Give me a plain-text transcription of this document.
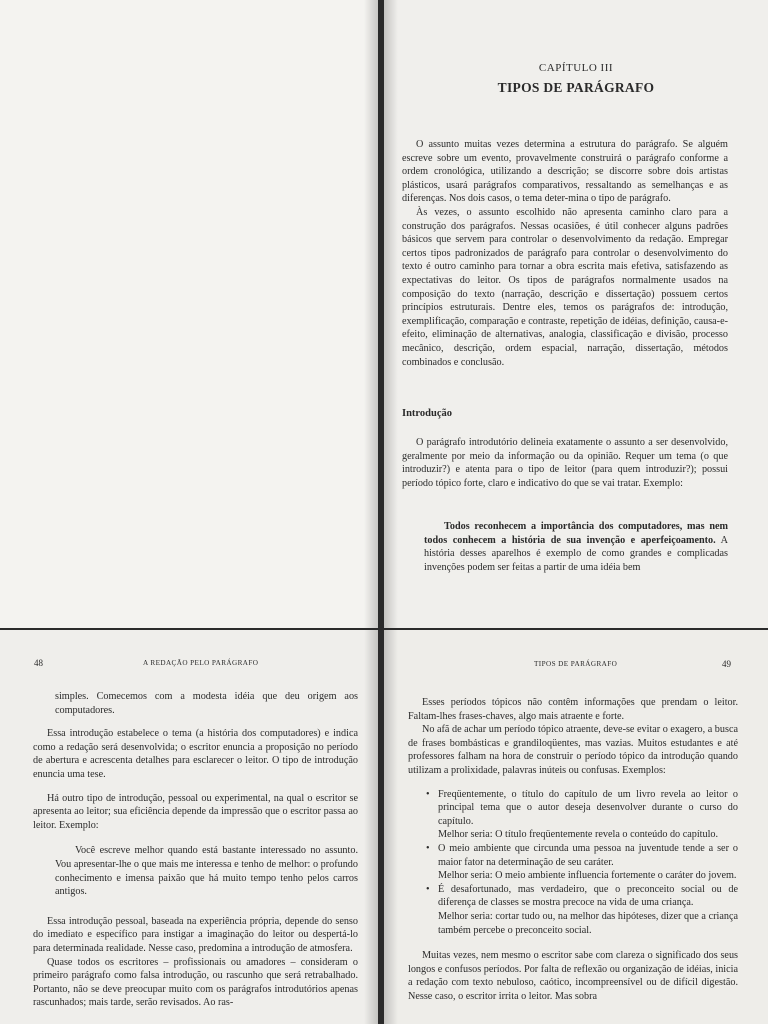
CAPÍTULO III
TIPOS DE PARÁGRAFO

O assunto muitas vezes determina a estrutura do parágrafo. Se alguém escreve sobre um evento, provavelmente construirá o parágrafo conforme a ordem cronológica, utilizando a descrição; se discorre sobre dois artistas plásticos, usará parágrafos comparativos, ressaltando as semelhanças e as diferenças. Nos dois casos, o tema deter-mina o tipo de parágrafo.

Às vezes, o assunto escolhido não apresenta caminho claro para a construção dos parágrafos. Nessas ocasiões, é útil conhecer alguns padrões básicos que servem para controlar o desenvolvimento da redação. Empregar certos tipos padronizados de parágrafo para controlar o desenvolvimento do texto é outro caminho para tornar a obra escrita mais efetiva, satisfazendo as expectativas do leitor. Os tipos de parágrafos normalmente usados na composição do texto (narração, descrição e dissertação) possuem certos princípios estruturais. Dentre eles, temos os parágrafos de: introdução, exemplificação, comparação e contraste, repetição de idéias, definição, causa-e-efeito, eliminação de alternativas, analogia, classificação e divisão, processo mecânico, descrição, ordem espacial, narração, dissertação, métodos combinados e conclusão.

Introdução

O parágrafo introdutório delineia exatamente o assunto a ser desenvolvido, geralmente por meio da informação ou da opinião. Requer um tema (o que introduzir?) e atenta para o tipo de leitor (para quem introduzir?); possui período tópico forte, claro e indicativo do que se vai tratar. Exemplo:

Todos reconhecem a importância dos computadores, mas nem todos conhecem a história de sua invenção e aperfeiçoamento. A história desses aparelhos é exemplo de como grandes e complicadas invenções podem ser feitas a partir de uma idéia bem

48	A REDAÇÃO PELO PARÁGRAFO

simples. Comecemos com a modesta idéia que deu origem aos computadores.

Essa introdução estabelece o tema (a história dos computadores) e indica como a redação será desenvolvida; o escritor enuncia a proposição no período de abertura e acrescenta detalhes para esclarecer o leitor. O tipo de introdução enuncia uma tese.

Há outro tipo de introdução, pessoal ou experimental, na qual o escritor se apresenta ao leitor; sua eficiência depende da impressão que o escritor passa ao leitor. Exemplo:

Você escreve melhor quando está bastante interessado no assunto. Vou apresentar-lhe o que mais me interessa e tenho de melhor: o profundo conhecimento e imensa paixão que há muito tempo tenho pelos carros antigos.

Essa introdução pessoal, baseada na experiência própria, depende do senso do imediato e específico para instigar a imaginação do leitor ou despertá-lo para determinada realidade. Nesse caso, predomina a introdução de atmosfera.

Quase todos os escritores – profissionais ou amadores – consideram o primeiro parágrafo como falsa introdução, ou rascunho que será retrabalhado. Portanto, não se deve preocupar muito com os parágrafos introdutórios apenas rascunhados; mais tarde, serão revisados. Ao ras-

TIPOS DE PARÁGRAFO	49

Esses períodos tópicos não contêm informações que prendam o leitor. Faltam-lhes frases-chaves, algo mais atraente e forte.

No afã de achar um período tópico atraente, deve-se evitar o exagero, a busca de frases bombásticas e grandiloqüentes, mas vazias. Muitos estudantes e até professores falham na hora de construir o período tópico da introdução quando utilizam a prolixidade, palavras inúteis ou confusas. Exemplos:

• Freqüentemente, o título do capítulo de um livro revela ao leitor o principal tema que o autor deseja desenvolver durante o curso do capítulo.
Melhor seria: O título freqüentemente revela o conteúdo do capítulo.
• O meio ambiente que circunda uma pessoa na juventude tende a ser o maior fator na determinação de seu caráter.
Melhor seria: O meio ambiente influencia fortemente o caráter do jovem.
• É desafortunado, mas verdadeiro, que o preconceito social ou de diferença de classes se mostra precoce na vida de uma criança.
Melhor seria: cortar tudo ou, na melhor das hipóteses, dizer que a criança também percebe o preconceito social.

Muitas vezes, nem mesmo o escritor sabe com clareza o significado dos seus longos e confusos períodos. Por falta de reflexão ou organização de idéias, inicia a redação com texto nebuloso, caótico, incompreensível ou de difícil digestão. Nesse caso, o escritor irrita o leitor. Mas sobra
